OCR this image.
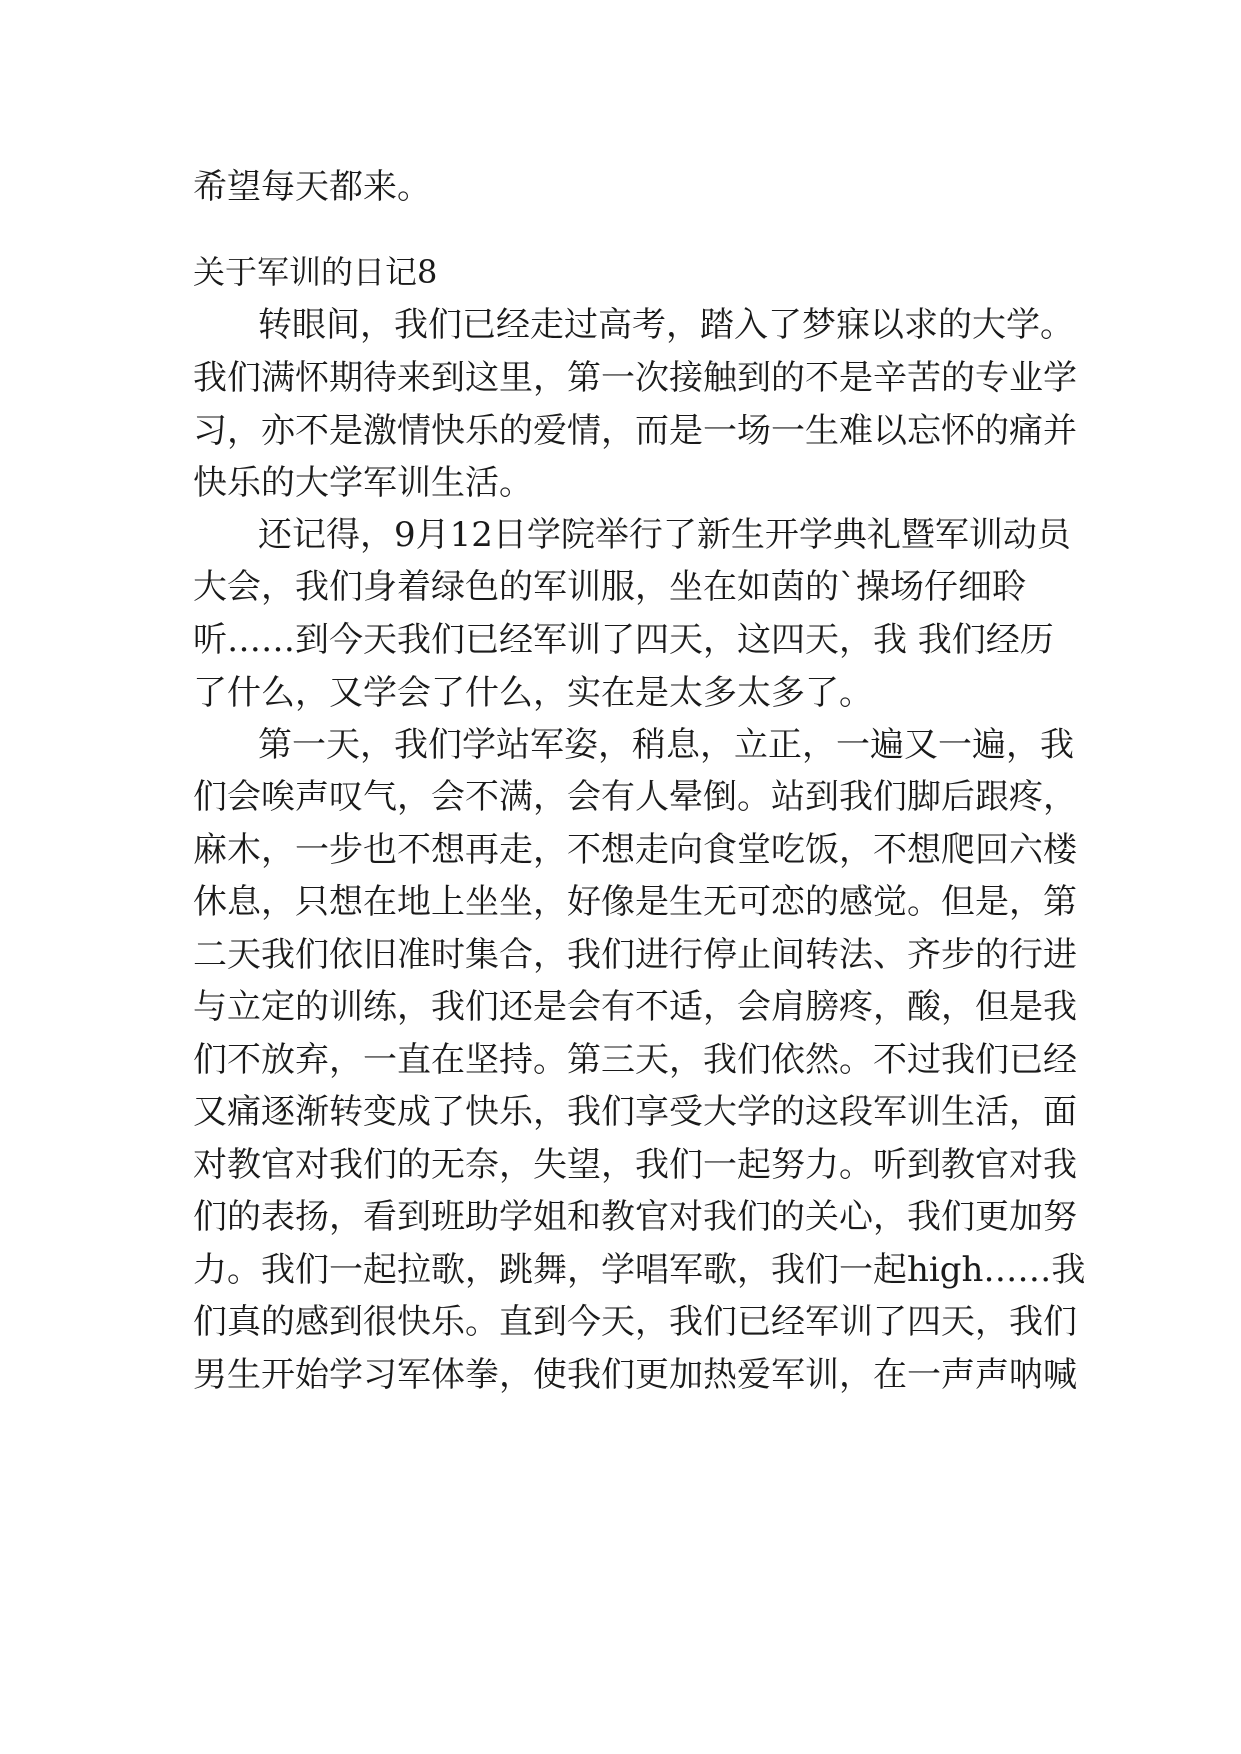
希望每天都来。
关于军训的日记8
转眼间，我们已经走过高考，踏入了梦寐以求的大学。
我们满怀期待来到这里，第一次接触到的不是辛苦的专业学
习，亦不是激情快乐的爱情，而是一场一生难以忘怀的痛并
快乐的大学军训生活。
还记得，9月12日学院举行了新生开学典礼暨军训动员
大会，我们身着绿色的军训服，坐在如茵的`操场仔细聆
听……到今天我们已经军训了四天，这四天，我 我们经历
了什么，又学会了什么，实在是太多太多了。
第一天，我们学站军姿，稍息，立正，一遍又一遍，我
们会唉声叹气，会不满，会有人晕倒。站到我们脚后跟疼，
麻木，一步也不想再走，不想走向食堂吃饭，不想爬回六楼
休息，只想在地上坐坐，好像是生无可恋的感觉。但是，第
二天我们依旧准时集合，我们进行停止间转法、齐步的行进
与立定的训练，我们还是会有不适，会肩膀疼，酸，但是我
们不放弃，一直在坚持。第三天，我们依然。不过我们已经
又痛逐渐转变成了快乐，我们享受大学的这段军训生活，面
对教官对我们的无奈，失望，我们一起努力。听到教官对我
们的表扬，看到班助学姐和教官对我们的关心，我们更加努
力。我们一起拉歌，跳舞，学唱军歌，我们一起high……我
们真的感到很快乐。直到今天，我们已经军训了四天，我们
男生开始学习军体拳，使我们更加热爱军训，在一声声呐喊
